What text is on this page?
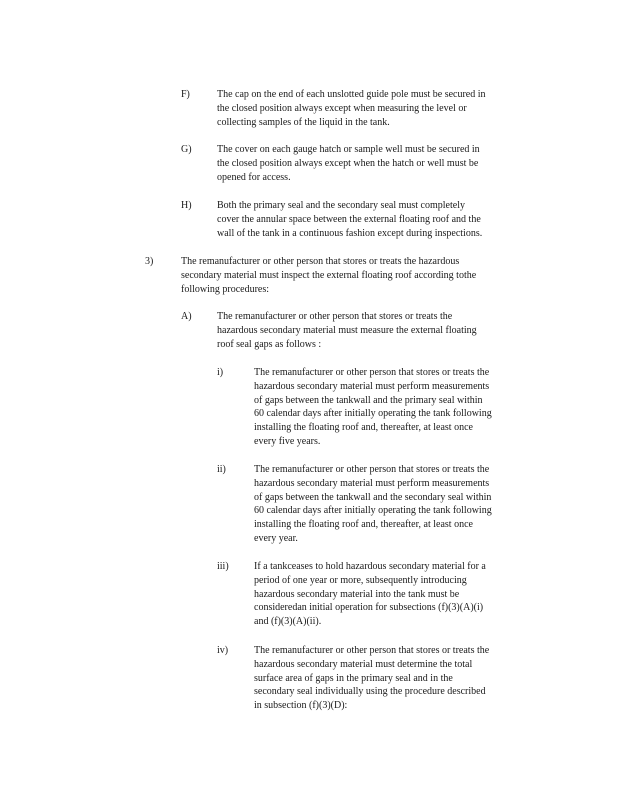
F)	The cap on the end of each unslotted guide pole must be secured in
the closed position always except when measuring the level or
collecting samples of the liquid in the tank.
G)	The cover on each gauge hatch or sample well must be secured in
the closed position always except when the hatch or well must be
opened for access.
H)	Both the primary seal and the secondary seal must completely
cover the annular space between the external floating roof and the
wall of the tank in a continuous fashion except during inspections.
3)	The remanufacturer or other person that stores or treats the hazardous
secondary material must inspect the external floating roof according tothe
following procedures:
A)	The remanufacturer or other person that stores or treats the
hazardous secondary material must measure the external floating
roof seal gaps as follows :
i)	The remanufacturer or other person that stores or treats the
hazardous secondary material must perform measurements
of gaps between the tankwall and the primary seal within
60 calendar days after initially operating the tank following
installing the floating roof and, thereafter, at least once
every five years.
ii)	The remanufacturer or other person that stores or treats the
hazardous secondary material must perform measurements
of gaps between the tankwall and the secondary seal within
60 calendar days after initially operating the tank following
installing the floating roof and, thereafter, at least once
every year.
iii)	If a tankceases to hold hazardous secondary material for a
period of one year or more, subsequently introducing
hazardous secondary material into the tank must be
consideredan initial operation for subsections (f)(3)(A)(i)
and (f)(3)(A)(ii).
iv)	The remanufacturer or other person that stores or treats the
hazardous secondary material must determine the total
surface area of gaps in the primary seal and in the
secondary seal individually using the procedure described
in subsection (f)(3)(D):
